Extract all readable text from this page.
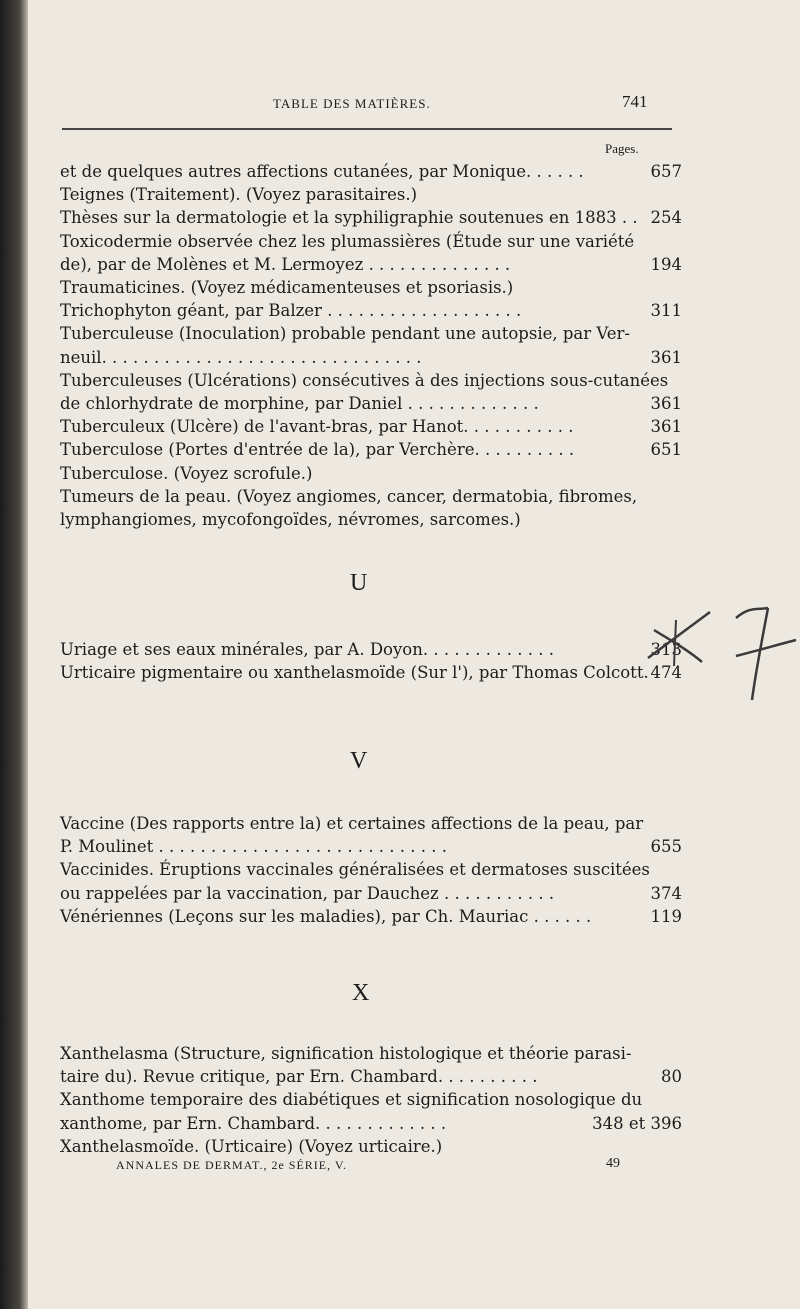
TABLE DES MATIÈRES.	741
Pages.
et de quelques autres affections cutanées, par Monique. . . . . .	657
Teignes (Traitement). (Voyez parasitaires.)
Thèses sur la dermatologie et la syphiligraphie soutenues en 1883 . . 254
Toxicodermie observée chez les plumassières (Étude sur une variété
de), par de Molènes et M. Lermoyez . . . . . . . . . . . . . .	194
Traumaticines. (Voyez médicamenteuses et psoriasis.)
Trichophyton géant, par Balzer . . . . . . . . . . . . . . . . . . .	311
Tuberculeuse (Inoculation) probable pendant une autopsie, par Ver-
neuil. . . . . . . . . . . . . . . . . . . . . . . . . . . . . . .	361
Tuberculeuses (Ulcérations) consécutives à des injections sous-cutanées
de chlorhydrate de morphine, par Daniel . . . . . . . . . . . . .	361
Tuberculeux (Ulcère) de l'avant-bras, par Hanot. . . . . . . . . . .	361
Tuberculose (Portes d'entrée de la), par Verchère. . . . . . . . . .	651
Tuberculose. (Voyez scrofule.)
Tumeurs de la peau. (Voyez angiomes, cancer, dermatobia, fibromes,
lymphangiomes, mycofongoïdes, névromes, sarcomes.)
U
Uriage et ses eaux minérales, par A. Doyon. . . . . . . . . . . . .	313
Urticaire pigmentaire ou xanthelasmoïde (Sur l'), par Thomas Colcott. 474
V
Vaccine (Des rapports entre la) et certaines affections de la peau, par
P. Moulinet . . . . . . . . . . . . . . . . . . . . . . . . . . . .	655
Vaccinides. Éruptions vaccinales généralisées et dermatoses suscitées
ou rappelées par la vaccination, par Dauchez . . . . . . . . . . .	374
Vénériennes (Leçons sur les maladies), par Ch. Mauriac . . . . . .	119
X
Xanthelasma (Structure, signification histologique et théorie parasi-
taire du). Revue critique, par Ern. Chambard. . . . . . . . . .	80
Xanthome temporaire des diabétiques et signification nosologique du
xanthome, par Ern. Chambard. . . . . . . . . . . . .	348 et 396
Xanthelasmoïde. (Urticaire) (Voyez urticaire.)
ANNALES DE DERMAT., 2e SÉRIE, V.	49
